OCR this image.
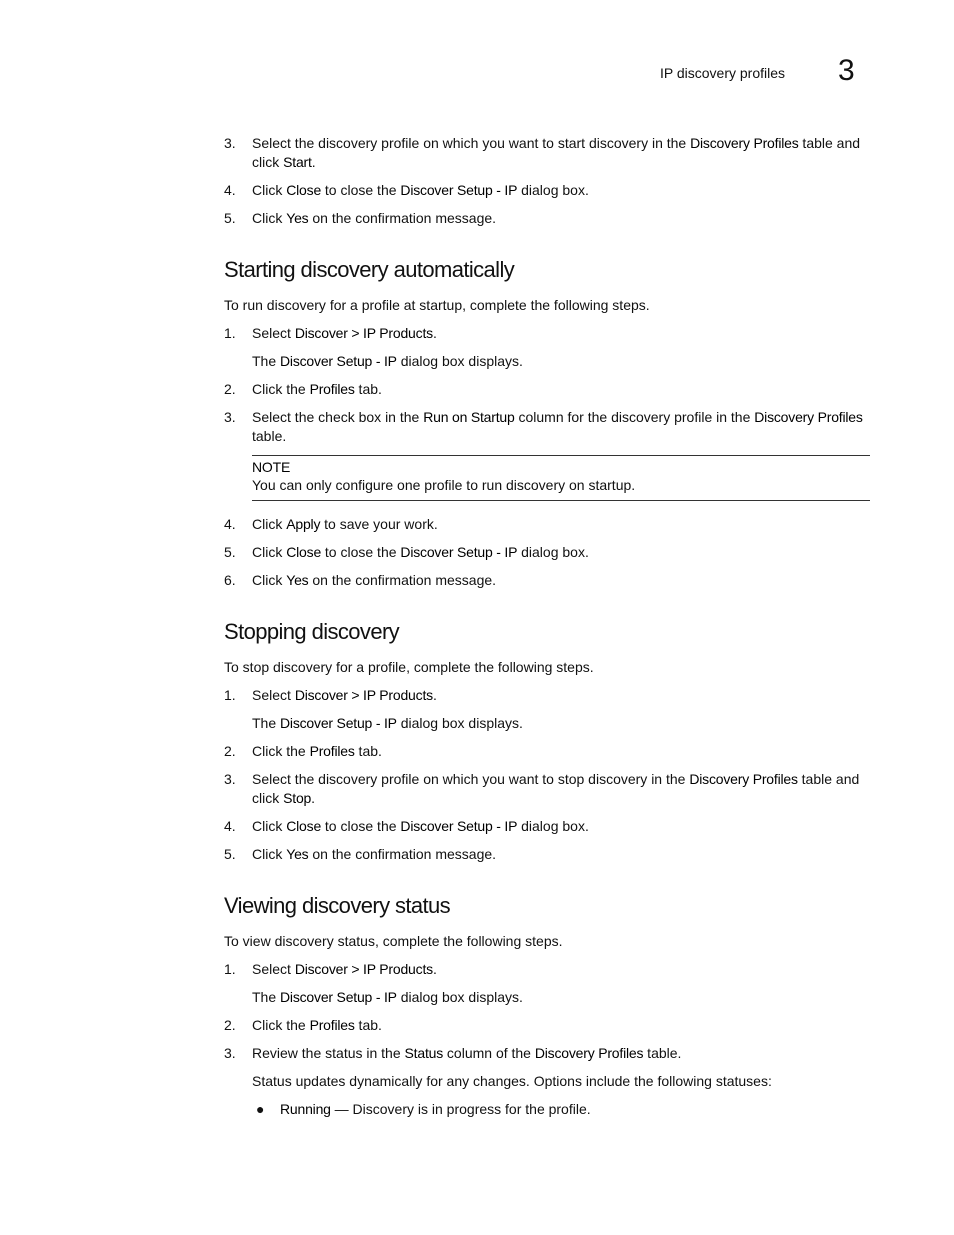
IP discovery profiles 3
3. Select the discovery profile on which you want to start discovery in the Discovery Profiles table and click Start.
4. Click Close to close the Discover Setup - IP dialog box.
5. Click Yes on the confirmation message.
Starting discovery automatically

To run discovery for a profile at startup, complete the following steps.

1. Select Discover > IP Products.
The Discover Setup - IP dialog box displays.
2. Click the Profiles tab.
3. Select the check box in the Run on Startup column for the discovery profile in the Discovery Profiles table.
NOTE
You can only configure one profile to run discovery on startup.
4. Click Apply to save your work.
5. Click Close to close the Discover Setup - IP dialog box.
6. Click Yes on the confirmation message.
Stopping discovery

To stop discovery for a profile, complete the following steps.

1. Select Discover > IP Products.
The Discover Setup - IP dialog box displays.
2. Click the Profiles tab.
3. Select the discovery profile on which you want to stop discovery in the Discovery Profiles table and click Stop.
4. Click Close to close the Discover Setup - IP dialog box.
5. Click Yes on the confirmation message.
Viewing discovery status

To view discovery status, complete the following steps.

1. Select Discover > IP Products.
The Discover Setup - IP dialog box displays.
2. Click the Profiles tab.
3. Review the status in the Status column of the Discovery Profiles table.
Status updates dynamically for any changes. Options include the following statuses:
● Running — Discovery is in progress for the profile.
